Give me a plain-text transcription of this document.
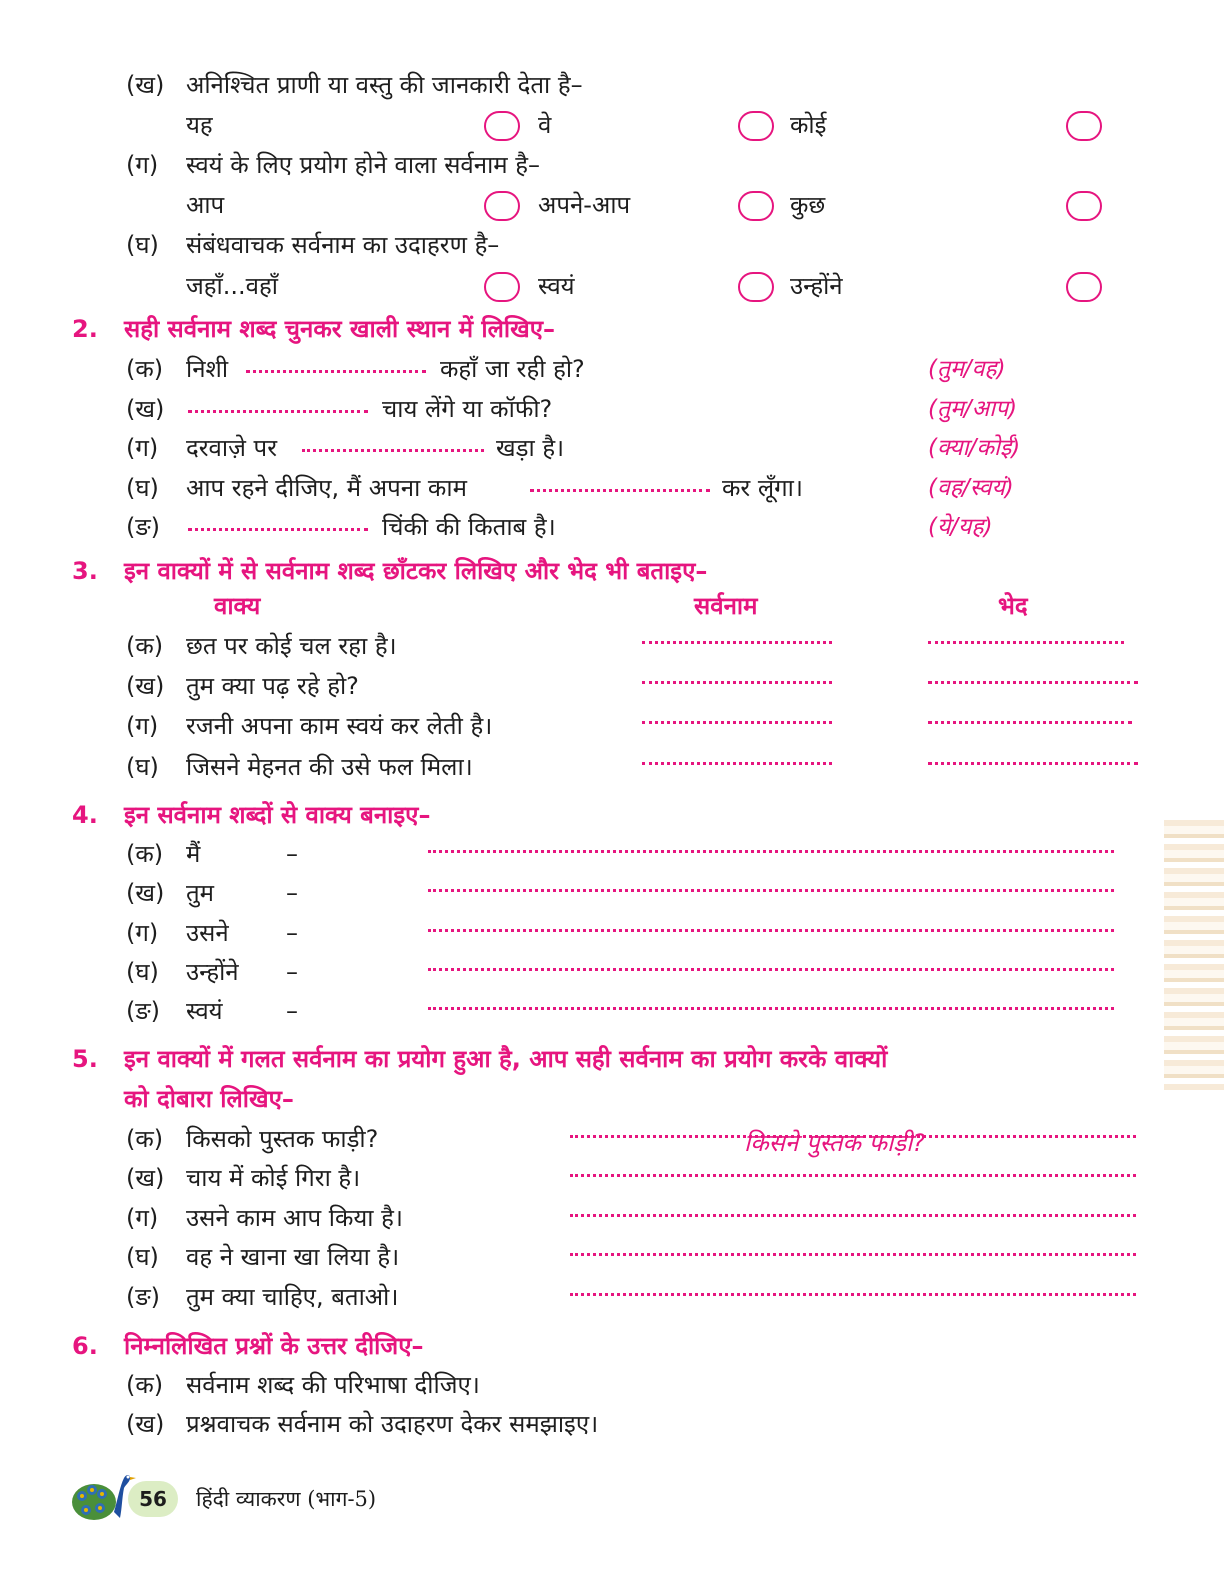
(ख) अनिश्चित प्राणी या वस्तु की जानकारी देता है–
यह	वे	कोई
(ग) स्वयं के लिए प्रयोग होने वाला सर्वनाम है–
आप	अपने-आप	कुछ
(घ) संबंधवाचक सर्वनाम का उदाहरण है–
जहाँ...वहाँ	स्वयं	उन्होंने
2. सही सर्वनाम शब्द चुनकर खाली स्थान में लिखिए–
(क) निशी	कहाँ जा रही हो?	(तुम/वह)
(ख)	चाय लेंगे या कॉफी?	(तुम/आप)
(ग) दरवाज़े पर	खड़ा है।	(क्या/कोई)
(घ) आप रहने दीजिए, मैं अपना काम	कर लूँगा।	(वह/स्वयं)
(ङ)	चिंकी की किताब है।	(ये/यह)
3. इन वाक्यों में से सर्वनाम शब्द छाँटकर लिखिए और भेद भी बताइए–
वाक्य	सर्वनाम	भेद
(क) छत पर कोई चल रहा है।
(ख) तुम क्या पढ़ रहे हो?
(ग) रजनी अपना काम स्वयं कर लेती है।
(घ) जिसने मेहनत की उसे फल मिला।
4. इन सर्वनाम शब्दों से वाक्य बनाइए–
(क) मैं	–
(ख) तुम	–
(ग) उसने –
(घ) उन्होंने –
(ङ) स्वयं	–
5. इन वाक्यों में गलत सर्वनाम का प्रयोग हुआ है, आप सही सर्वनाम का प्रयोग करके वाक्यों
को दोबारा लिखिए–
(क) किसको पुस्तक फाड़ी?	किसने पुस्तक फाड़ी?
(ख) चाय में कोई गिरा है।
(ग) उसने काम आप किया है।
(घ) वह ने खाना खा लिया है।
(ङ) तुम क्या चाहिए, बताओ।
6. निम्नलिखित प्रश्नों के उत्तर दीजिए–
(क) सर्वनाम शब्द की परिभाषा दीजिए।
(ख) प्रश्नवाचक सर्वनाम को उदाहरण देकर समझाइए।
56	हिंदी व्याकरण (भाग-5)
